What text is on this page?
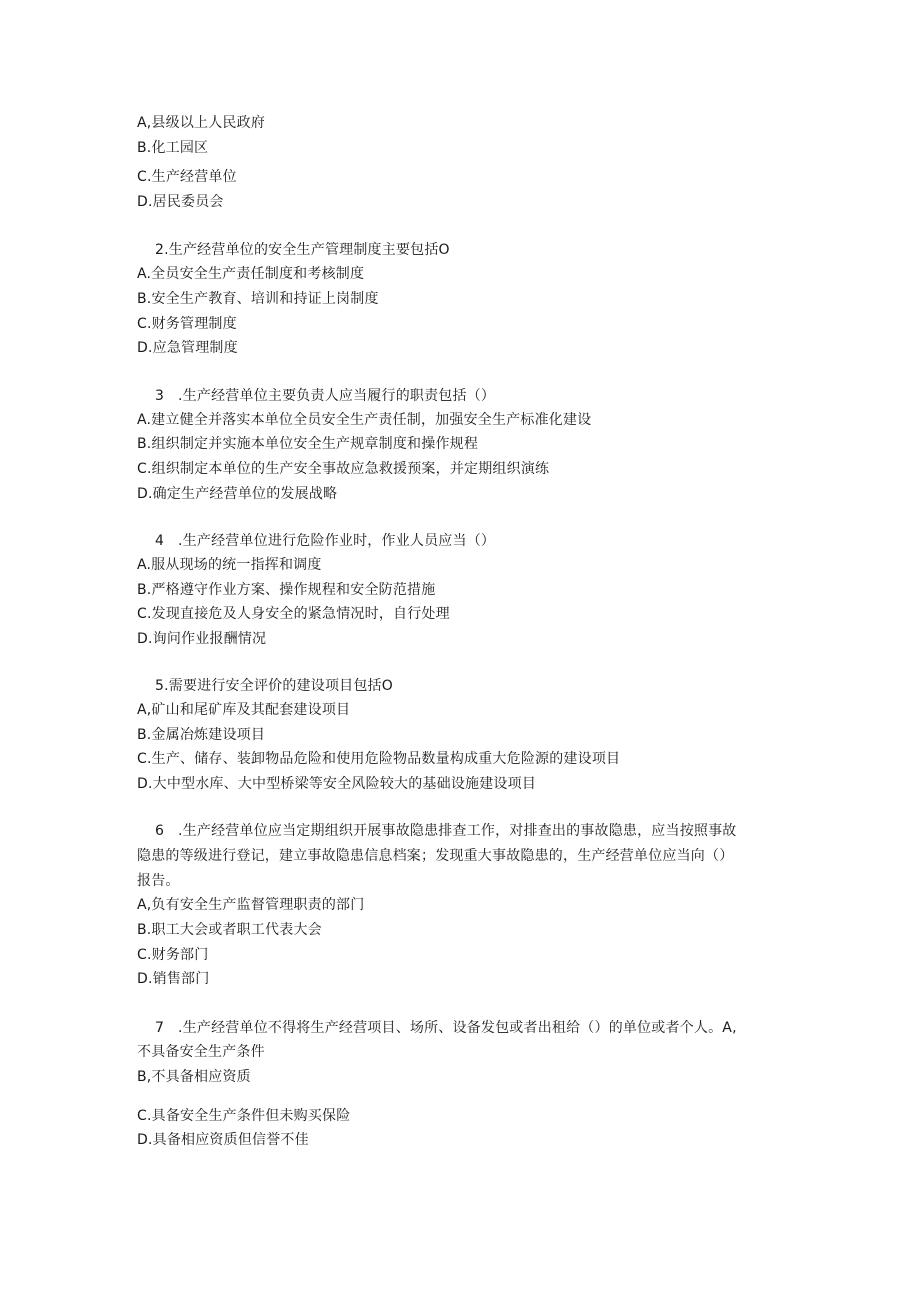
A,县级以上人民政府
B.化工园区
C.生产经营单位
D.居民委员会
2.生产经营单位的安全生产管理制度主要包括O
A.全员安全生产责任制度和考核制度
B.安全生产教育、培训和持证上岗制度
C.财务管理制度
D.应急管理制度
3   .生产经营单位主要负责人应当履行的职责包括（）
A.建立健全并落实本单位全员安全生产责任制，加强安全生产标准化建设
B.组织制定并实施本单位安全生产规章制度和操作规程
C.组织制定本单位的生产安全事故应急救援预案，并定期组织演练
D.确定生产经营单位的发展战略
4   .生产经营单位进行危险作业时，作业人员应当（）
A.服从现场的统一指挥和调度
B.严格遵守作业方案、操作规程和安全防范措施
C.发现直接危及人身安全的紧急情况时，自行处理
D.询问作业报酬情况
5.需要进行安全评价的建设项目包括O
A,矿山和尾矿库及其配套建设项目
B.金属冶炼建设项目
C.生产、储存、装卸物品危险和使用危险物品数量构成重大危险源的建设项目
D.大中型水库、大中型桥梁等安全风险较大的基础设施建设项目
6   .生产经营单位应当定期组织开展事故隐患排查工作，对排查出的事故隐患，应当按照事故
隐患的等级进行登记，建立事故隐患信息档案；发现重大事故隐患的，生产经营单位应当向（）
报告。
A,负有安全生产监督管理职责的部门
B.职工大会或者职工代表大会
C.财务部门
D.销售部门
7   .生产经营单位不得将生产经营项目、场所、设备发包或者出租给（）的单位或者个人。A,
不具备安全生产条件
B,不具备相应资质
C.具备安全生产条件但未购买保险
D.具备相应资质但信誉不佳
